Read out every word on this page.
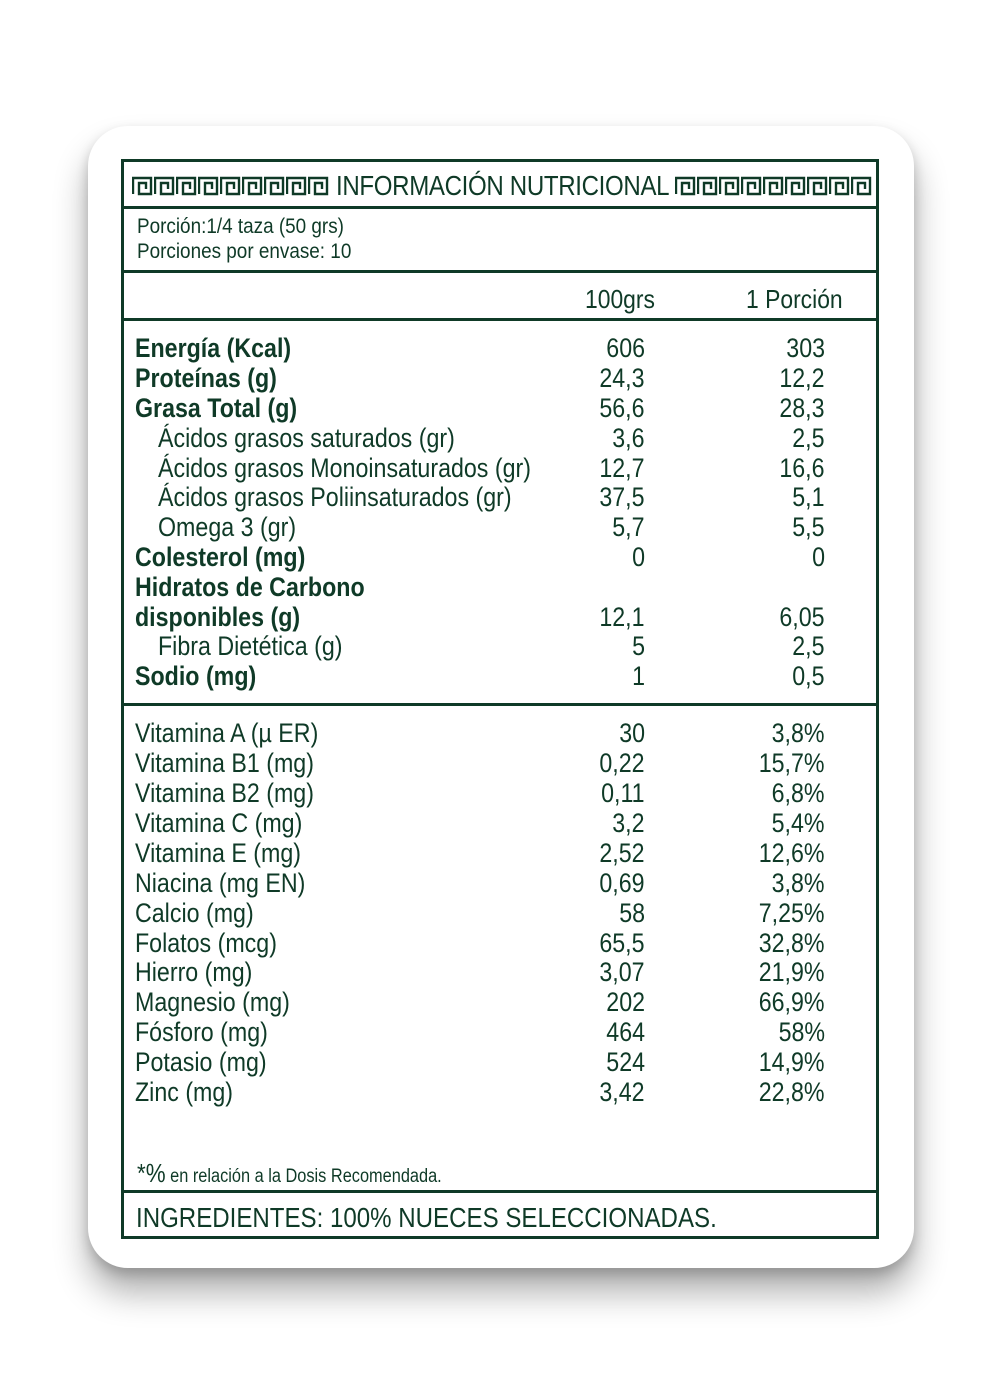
INFORMACIÓN NUTRICIONAL
Porción:1/4 taza (50 grs)
Porciones por envase: 10
100grs	1 Porción
Energía (Kcal)	606	303
Proteínas (g)	24,3	12,2
Grasa Total (g)	56,6	28,3
Ácidos grasos saturados (gr)	3,6	2,5
Ácidos grasos Monoinsaturados (gr)	12,7	16,6
Ácidos grasos Poliinsaturados (gr)	37,5	5,1
Omega 3 (gr)	5,7	5,5
Colesterol (mg)	0	0
Hidratos de Carbono
disponibles (g)	12,1	6,05
Fibra Dietética (g)	5	2,5
Sodio (mg)	1	0,5
Vitamina A (µ ER)	30	3,8%
Vitamina B1 (mg)	0,22	15,7%
Vitamina B2 (mg)	0,11	6,8%
Vitamina C (mg)	3,2	5,4%
Vitamina E (mg)	2,52	12,6%
Niacina (mg EN)	0,69	3,8%
Calcio (mg)	58	7,25%
Folatos (mcg)	65,5	32,8%
Hierro (mg)	3,07	21,9%
Magnesio (mg)	202	66,9%
Fósforo (mg)	464	58%
Potasio (mg)	524	14,9%
Zinc (mg)	3,42	22,8%
*% en relación a la Dosis Recomendada.
INGREDIENTES: 100% NUECES SELECCIONADAS.
